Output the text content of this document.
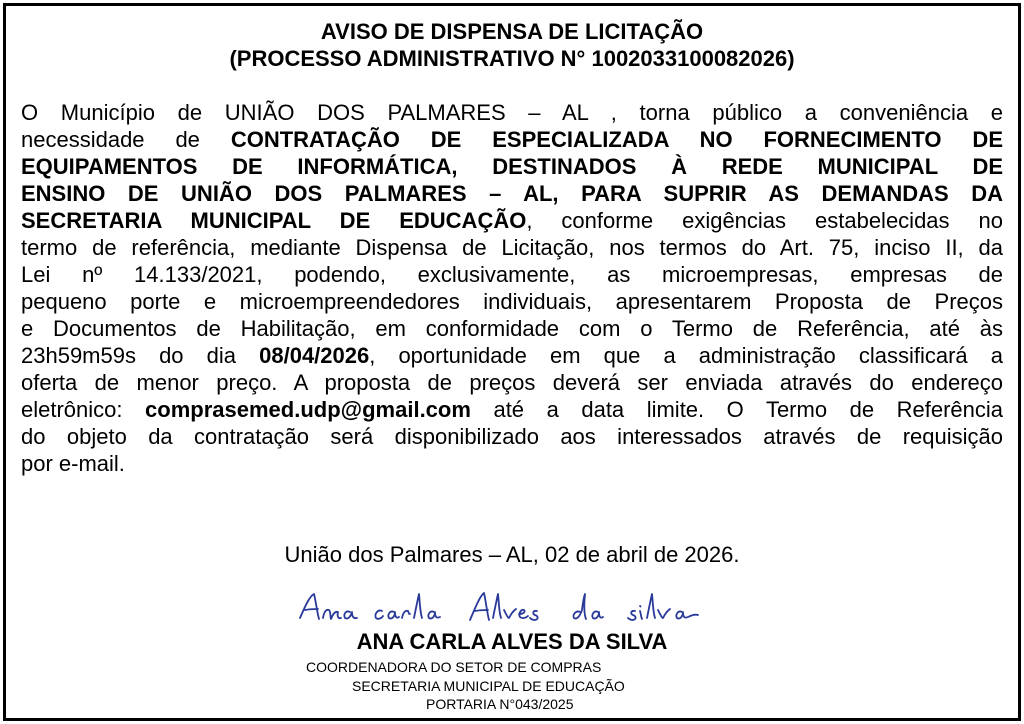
AVISO DE DISPENSA DE LICITAÇÃO
(PROCESSO ADMINISTRATIVO N° 1002033100082026)
O Município de UNIÃO DOS PALMARES – AL , torna público a conveniência e
necessidade de CONTRATAÇÃO DE ESPECIALIZADA NO FORNECIMENTO DE
EQUIPAMENTOS DE INFORMÁTICA, DESTINADOS À REDE MUNICIPAL DE
ENSINO DE UNIÃO DOS PALMARES – AL, PARA SUPRIR AS DEMANDAS DA
SECRETARIA MUNICIPAL DE EDUCAÇÃO, conforme exigências estabelecidas no
termo de referência, mediante Dispensa de Licitação, nos termos do Art. 75, inciso II, da
Lei nº 14.133/2021, podendo, exclusivamente, as microempresas, empresas de
pequeno porte e microempreendedores individuais, apresentarem Proposta de Preços
e Documentos de Habilitação, em conformidade com o Termo de Referência, até às
23h59m59s do dia 08/04/2026, oportunidade em que a administração classificará a
oferta de menor preço. A proposta de preços deverá ser enviada através do endereço
eletrônico: comprasemed.udp@gmail.com até a data limite. O Termo de Referência
do objeto da contratação será disponibilizado aos interessados através de requisição
por e-mail.
União dos Palmares – AL, 02 de abril de 2026.
ANA CARLA ALVES DA SILVA
COORDENADORA DO SETOR DE COMPRAS
SECRETARIA MUNICIPAL DE EDUCAÇÃO
PORTARIA N°043/2025
